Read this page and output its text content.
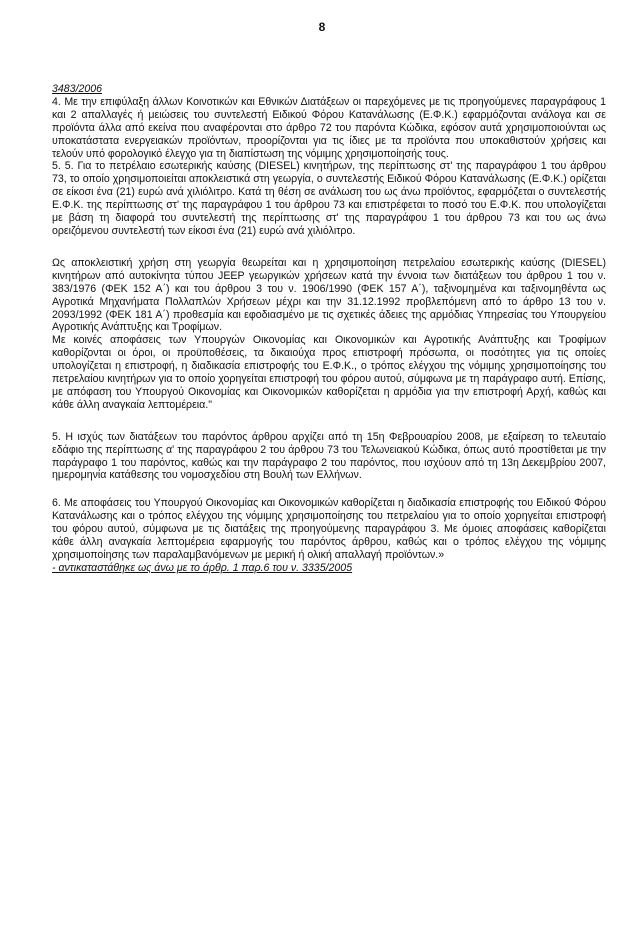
8

3483/2006

4. Με την επιφύλαξη άλλων Κοινοτικών και Εθνικών Διατάξεων οι παρεχόμενες με τις προηγούμενες παραγράφους 1 και 2 απαλλαγές ή μειώσεις του συντελεστή Ειδικού Φόρου Κατανάλωσης (Ε.Φ.Κ.) εφαρμόζονται ανάλογα και σε προϊόντα άλλα από εκείνα που αναφέρονται στο άρθρο 72 του παρόντα Κώδικα, εφόσον αυτά χρησιμοποιούνται ως υποκατάστατα ενεργειακών προϊόντων, προορίζονται για τις ίδιες με τα προϊόντα που υποκαθιστούν χρήσεις και τελούν υπό φορολογικό έλεγχο για τη διαπίστωση της νόμιμης χρησιμοποίησής τους.

5. 5. Για το πετρέλαιο εσωτερικής καύσης (DIESEL) κινητήρων, της περίπτωσης στ' της παραγράφου 1 του άρθρου 73, το οποίο χρησιμοποιείται αποκλειστικά στη γεωργία, ο συντελεστής Ειδικού Φόρου Κατανάλωσης (Ε.Φ.Κ.) ορίζεται σε είκοσι ένα (21) ευρώ ανά χιλιόλιτρο. Κατά τη θέση σε ανάλωση του ως άνω προϊόντος, εφαρμόζεται ο συντελεστής Ε.Φ.Κ. της περίπτωσης στ' της παραγράφου 1 του άρθρου 73 και επιστρέφεται το ποσό του Ε.Φ.Κ. που υπολογίζεται με βάση τη διαφορά του συντελεστή της περίπτωσης στ' της παραγράφου 1 του άρθρου 73 και του ως άνω ορειζόμενου συντελεστή των είκοσι ένα (21) ευρώ ανά χιλιόλιτρο.

Ως αποκλειστική χρήση στη γεωργία θεωρείται και η χρησιμοποίηση πετρελαίου εσωτερικής καύσης (DIESEL) κινητήρων από αυτοκίνητα τύπου JEEP γεωργικών χρήσεων κατά την έννοια των διατάξεων του άρθρου 1 του ν. 383/1976 (ΦΕΚ 152 Α΄) και του άρθρου 3 του ν. 1906/1990 (ΦΕΚ 157 Α΄), ταξινομημένα και ταξινομηθέντα ως Αγροτικά Μηχανήματα Πολλαπλών Χρήσεων μέχρι και την 31.12.1992 προβλεπόμενη από το άρθρο 13 του ν. 2093/1992 (ΦΕΚ 181 Α΄) προθεσμία και εφοδιασμένο με τις σχετικές άδειες της αρμόδιας Υπηρεσίας του Υπουργείου Αγροτικής Ανάπτυξης και Τροφίμων.

Με κοινές αποφάσεις των Υπουργών Οικονομίας και Οικονομικών και Αγροτικής Ανάπτυξης και Τροφίμων καθορίζονται οι όροι, οι προϋποθέσεις, τα δικαιούχα προς επιστροφή πρόσωπα, οι ποσότητες για τις οποίες υπολογίζεται η επιστροφή, η διαδικασία επιστροφής του Ε.Φ.Κ., ο τρόπος ελέγχου της νόμιμης χρησιμοποίησης του πετρελαίου κινητήρων για το οποίο χορηγείται επιστροφή του φόρου αυτού, σύμφωνα με τη παράγραφο αυτή. Επίσης, με απόφαση του Υπουργού Οικονομίας και Οικονομικών καθορίζεται η αρμόδια για την επιστροφή Αρχή, καθώς και κάθε άλλη αναγκαία λεπτομέρεια."

5. Η ισχύς των διατάξεων του παρόντος άρθρου αρχίζει από τη 15η Φεβρουαρίου 2008, με εξαίρεση το τελευταίο εδάφιο της περίπτωσης α' της παραγράφου 2 του άρθρου 73 του Τελωνειακού Κώδικα, όπως αυτό προστίθεται με την παράγραφο 1 του παρόντος, καθώς και την παράγραφο 2 του παρόντος, που ισχύουν από τη 13η Δεκεμβρίου 2007, ημερομηνία κατάθεσης του νομοσχεδίου στη Βουλή των Ελλήνων.

6. Με αποφάσεις του Υπουργού Οικονομίας και Οικονομικών καθορίζεται η διαδικασία επιστροφής του Ειδικού Φόρου Κατανάλωσης και ο τρόπος ελέγχου της νόμιμης χρησιμοποίησης του πετρελαίου για το οποίο χορηγείται επιστροφή του φόρου αυτού, σύμφωνα με τις διατάξεις της προηγούμενης παραγράφου 3. Με όμοιες αποφάσεις καθορίζεται κάθε άλλη αναγκαία λεπτομέρεια εφαρμογής του παρόντος άρθρου, καθώς και ο τρόπος ελέγχου της νόμιμης χρησιμοποίησης των παραλαμβανόμενων με μερική ή ολική απαλλαγή προϊόντων.»

- αντικαταστάθηκε ως άνω με το άρθρ. 1 παρ.6 του ν. 3335/2005
